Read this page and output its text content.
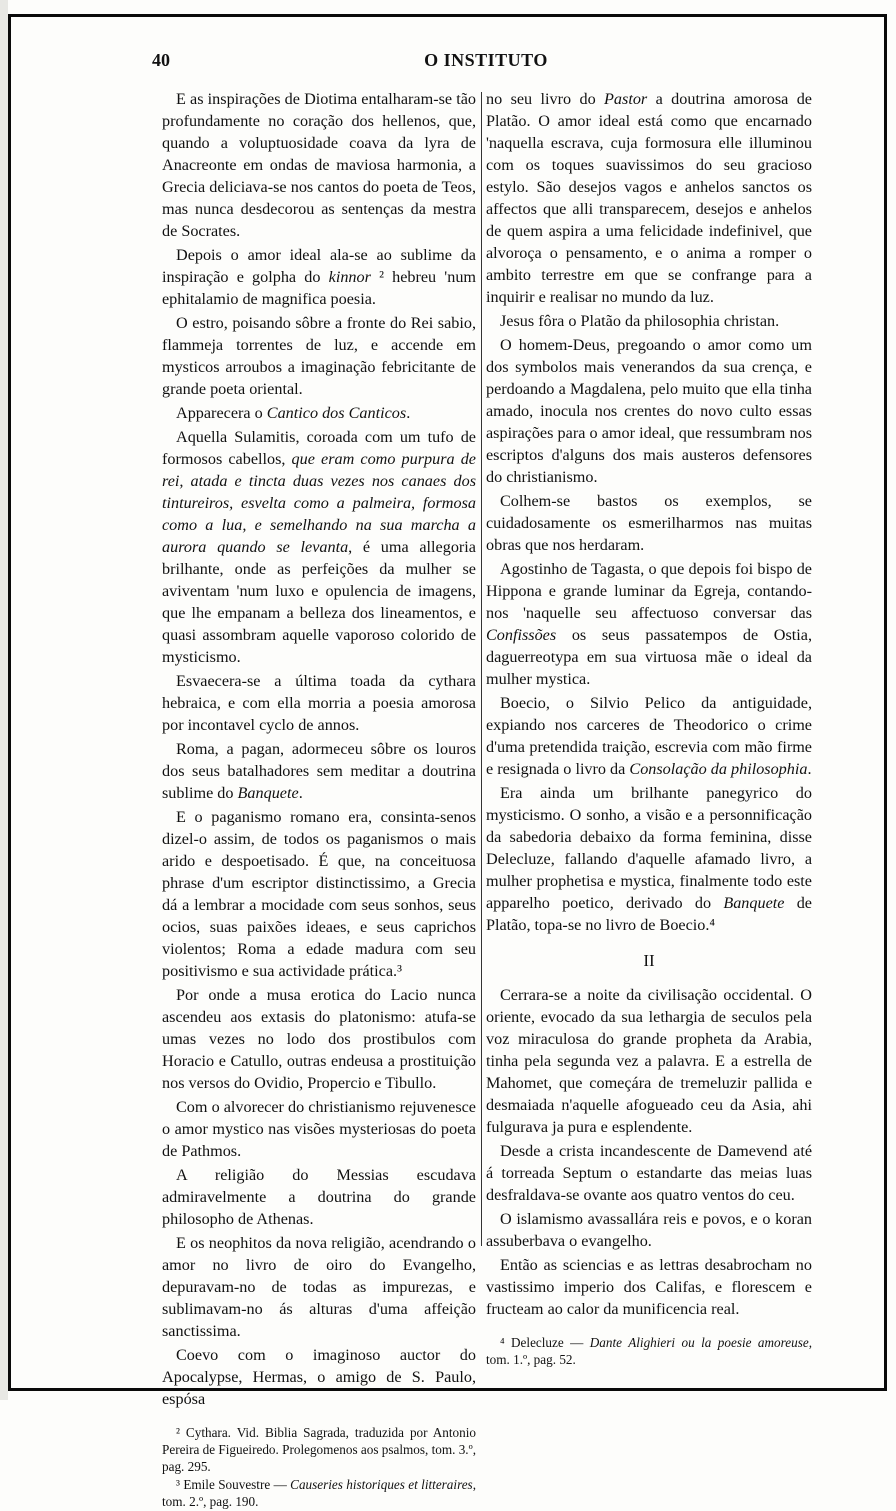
40	O INSTITUTO

E as inspirações de Diotima entalharam-se tão profundamente no coração dos hellenos, que, quando a voluptuosidade coava da lyra de Anacreonte em ondas de maviosa harmonia, a Grecia deliciava-se nos cantos do poeta de Teos, mas nunca desdecorou as sentenças da mestra de Socrates.

Depois o amor ideal ala-se ao sublime da inspiração e golpha do kinnor ² hebreu 'num ephitalamio de magnifica poesia.

O estro, poisando sôbre a fronte do Rei sabio, flammeja torrentes de luz, e accende em mysticos arroubos a imaginação febricitante de grande poeta oriental.

Apparecera o Cantico dos Canticos.

Aquella Sulamitis, coroada com um tufo de formosos cabellos, que eram como purpura de rei, atada e tincta duas vezes nos canaes dos tintureiros, esvelta como a palmeira, formosa como a lua, e semelhando na sua marcha a aurora quando se levanta, é uma allegoria brilhante, onde as perfeições da mulher se aviventam 'num luxo e opulencia de imagens, que lhe empanam a belleza dos lineamentos, e quasi assombram aquelle vaporoso colorido de mysticismo.

Esvaecera-se a última toada da cythara hebraica, e com ella morria a poesia amorosa por incontavel cyclo de annos.

Roma, a pagan, adormeceu sôbre os louros dos seus batalhadores sem meditar a doutrina sublime do Banquete.

E o paganismo romano era, consinta-senos dizel-o assim, de todos os paganismos o mais arido e despoetisado. É que, na conceituosa phrase d'um escriptor distinctissimo, a Grecia dá a lembrar a mocidade com seus sonhos, seus ocios, suas paixões ideaes, e seus caprichos violentos; Roma a edade madura com seu positivismo e sua actividade prática.³

Por onde a musa erotica do Lacio nunca ascendeu aos extasis do platonismo: atufa-se umas vezes no lodo dos prostibulos com Horacio e Catullo, outras endeusa a prostituição nos versos do Ovidio, Propercio e Tibullo.

Com o alvorecer do christianismo rejuvenesce o amor mystico nas visões mysteriosas do poeta de Pathmos.

A religião do Messias escudava admiravelmente a doutrina do grande philosopho de Athenas.

E os neophitos da nova religião, acendrando o amor no livro de oiro do Evangelho, depuravam-no de todas as impurezas, e sublimavam-no ás alturas d'uma affeição sanctissima.

Coevo com o imaginoso auctor do Apocalypse, Hermas, o amigo de S. Paulo, espósa

² Cythara. Vid. Biblia Sagrada, traduzida por Antonio Pereira de Figueiredo. Prolegomenos aos psalmos, tom. 3.º, pag. 295.

³ Emile Souvestre — Causeries historiques et litteraires, tom. 2.º, pag. 190.

no seu livro do Pastor a doutrina amorosa de Platão. O amor ideal está como que encarnado 'naquella escrava, cuja formosura elle illuminou com os toques suavissimos do seu gracioso estylo. São desejos vagos e anhelos sanctos os affectos que alli transparecem, desejos e anhelos de quem aspira a uma felicidade indefinivel, que alvoroça o pensamento, e o anima a romper o ambito terrestre em que se confrange para a inquirir e realisar no mundo da luz.

Jesus fôra o Platão da philosophia christan.

O homem-Deus, pregoando o amor como um dos symbolos mais venerandos da sua crença, e perdoando a Magdalena, pelo muito que ella tinha amado, inocula nos crentes do novo culto essas aspirações para o amor ideal, que ressumbram nos escriptos d'alguns dos mais austeros defensores do christianismo.

Colhem-se bastos os exemplos, se cuidadosamente os esmerilharmos nas muitas obras que nos herdaram.

Agostinho de Tagasta, o que depois foi bispo de Hippona e grande luminar da Egreja, contando-nos 'naquelle seu affectuoso conversar das Confissões os seus passatempos de Ostia, daguerreotypa em sua virtuosa mãe o ideal da mulher mystica.

Boecio, o Silvio Pelico da antiguidade, expiando nos carceres de Theodorico o crime d'uma pretendida traição, escrevia com mão firme e resignada o livro da Consolação da philosophia.

Era ainda um brilhante panegyrico do mysticismo. O sonho, a visão e a personnificação da sabedoria debaixo da forma feminina, disse Delecluze, fallando d'aquelle afamado livro, a mulher prophetisa e mystica, finalmente todo este apparelho poetico, derivado do Banquete de Platão, topa-se no livro de Boecio.⁴

II

Cerrara-se a noite da civilisação occidental. O oriente, evocado da sua lethargia de seculos pela voz miraculosa do grande propheta da Arabia, tinha pela segunda vez a palavra. E a estrella de Mahomet, que começára de tremeluzir pallida e desmaiada n'aquelle afogueado ceu da Asia, ahi fulgurava ja pura e esplendente.

Desde a crista incandescente de Damevend até á torreada Septum o estandarte das meias luas desfraldava-se ovante aos quatro ventos do ceu.

O islamismo avassallára reis e povos, e o koran assuberbava o evangelho.

Então as sciencias e as lettras desabrocham no vastissimo imperio dos Califas, e florescem e fructeam ao calor da munificencia real.

⁴ Delecluze — Dante Alighieri ou la poesie amoreuse, tom. 1.º, pag. 52.
